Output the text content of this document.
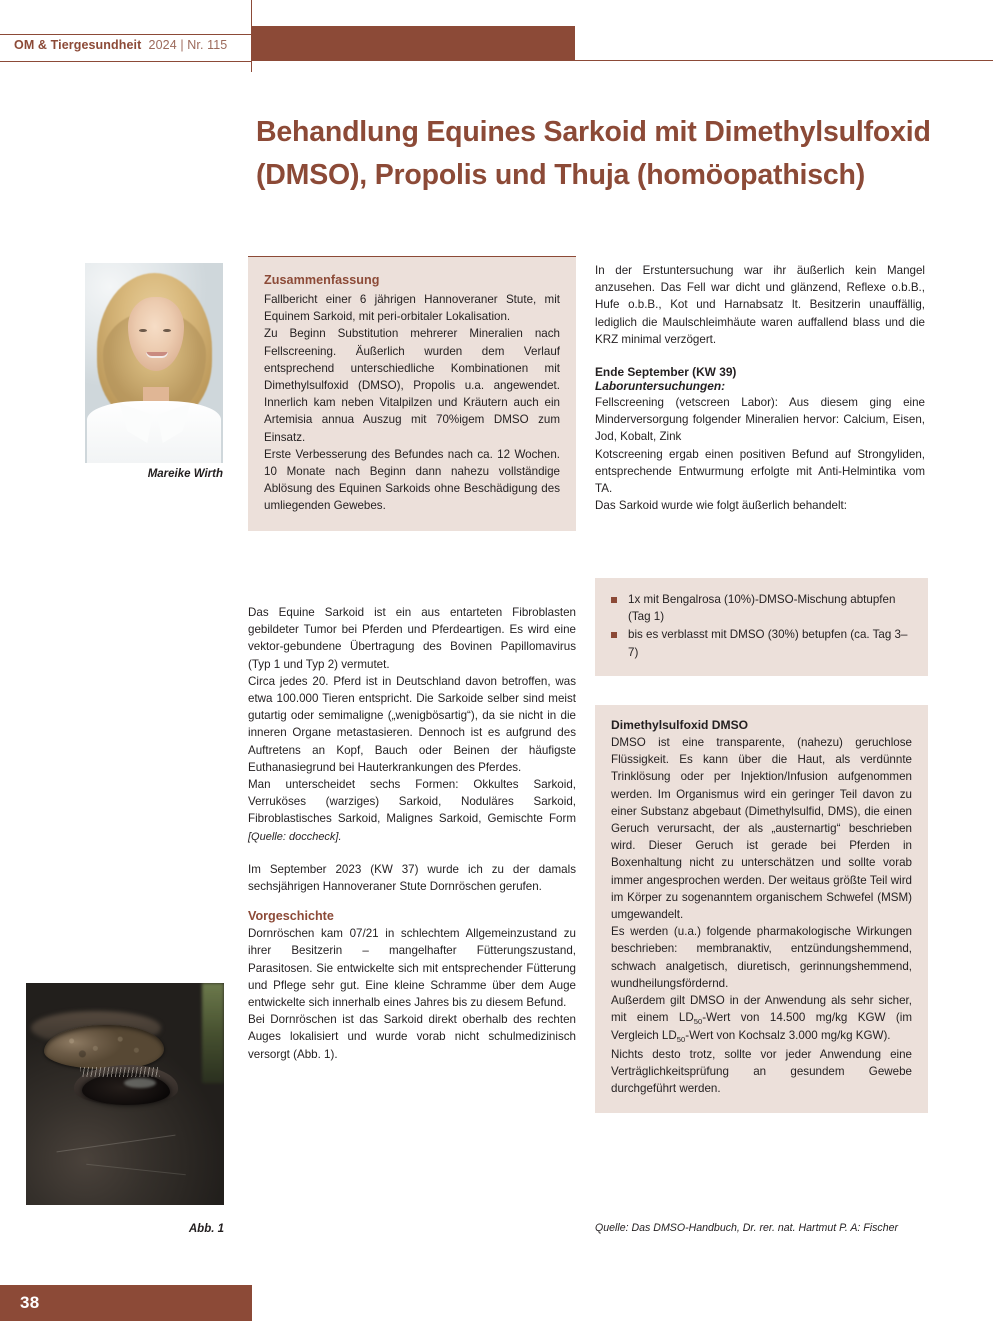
OM & Tiergesundheit 2024 | Nr. 115
Behandlung Equines Sarkoid mit Dimethylsulfoxid (DMSO), Propolis und Thuja (homöopathisch)
Mareike Wirth
Zusammenfassung

Fallbericht einer 6 jährigen Hannoveraner Stute, mit Equinem Sarkoid, mit peri-orbitaler Lokalisation.

Zu Beginn Substitution mehrerer Mineralien nach Fellscreening. Äußerlich wurden dem Verlauf entsprechend unterschiedliche Kombinationen mit Dimethylsulfoxid (DMSO), Propolis u.a. angewendet. Innerlich kam neben Vitalpilzen und Kräutern auch ein Artemisia annua Auszug mit 70%igem DMSO zum Einsatz.

Erste Verbesserung des Befundes nach ca. 12 Wochen. 10 Monate nach Beginn dann nahezu vollständige Ablösung des Equinen Sarkoids ohne Beschädigung des umliegenden Gewebes.

Das Equine Sarkoid ist ein aus entarteten Fibroblasten gebildeter Tumor bei Pferden und Pferdeartigen. Es wird eine vektor-gebundene Übertragung des Bovinen Papillomavirus (Typ 1 und Typ 2) vermutet.

Circa jedes 20. Pferd ist in Deutschland davon betroffen, was etwa 100.000 Tieren entspricht. Die Sarkoide selber sind meist gutartig oder semimaligne („wenigbösartig“), da sie nicht in die inneren Organe metastasieren. Dennoch ist es aufgrund des Auftretens an Kopf, Bauch oder Beinen der häufigste Euthanasiegrund bei Hauterkrankungen des Pferdes.

Man unterscheidet sechs Formen: Okkultes Sarkoid, Verruköses (warziges) Sarkoid, Noduläres Sarkoid, Fibroblastisches Sarkoid, Malignes Sarkoid, Gemischte Form [Quelle: doccheck].

Im September 2023 (KW 37) wurde ich zu der damals sechsjährigen Hannoveraner Stute Dornröschen gerufen.

Vorgeschichte

Dornröschen kam 07/21 in schlechtem Allgemeinzustand zu ihrer Besitzerin – mangelhafter Fütterungszustand, Parasitosen. Sie entwickelte sich mit entsprechender Fütterung und Pflege sehr gut. Eine kleine Schramme über dem Auge entwickelte sich innerhalb eines Jahres bis zu diesem Befund.

Bei Dornröschen ist das Sarkoid direkt oberhalb des rechten Auges lokalisiert und wurde vorab nicht schulmedizinisch versorgt (Abb. 1).

Abb. 1

In der Erstuntersuchung war ihr äußerlich kein Mangel anzusehen. Das Fell war dicht und glänzend, Reflexe o.b.B., Hufe o.b.B., Kot und Harnabsatz lt. Besitzerin unauffällig, lediglich die Maulschleimhäute waren auffallend blass und die KRZ minimal verzögert.

Ende September (KW 39)
Laboruntersuchungen:

Fellscreening (vetscreen Labor): Aus diesem ging eine Minderversorgung folgender Mineralien hervor: Calcium, Eisen, Jod, Kobalt, Zink

Kotscreening ergab einen positiven Befund auf Strongyliden, entsprechende Entwurmung erfolgte mit Anti-Helmintika vom TA.

Das Sarkoid wurde wie folgt äußerlich behandelt:

1x mit Bengalrosa (10%)-DMSO-Mischung abtupfen (Tag 1)
bis es verblasst mit DMSO (30%) betupfen (ca. Tag 3–7)
Dimethylsulfoxid DMSO

DMSO ist eine transparente, (nahezu) geruchlose Flüssigkeit. Es kann über die Haut, als verdünnte Trinklösung oder per Injektion/Infusion aufgenommen werden. Im Organismus wird ein geringer Teil davon zu einer Substanz abgebaut (Dimethylsulfid, DMS), die einen Geruch verursacht, der als „austernartig“ beschrieben wird. Dieser Geruch ist gerade bei Pferden in Boxenhaltung nicht zu unterschätzen und sollte vorab immer angesprochen werden. Der weitaus größte Teil wird im Körper zu sogenanntem organischem Schwefel (MSM) umgewandelt.

Es werden (u.a.) folgende pharmakologische Wirkungen beschrieben: membranaktiv, entzündungshemmend, schwach analgetisch, diuretisch, gerinnungshemmend, wundheilungsfördernd.

Außerdem gilt DMSO in der Anwendung als sehr sicher, mit einem $LD_{50}$-Wert von 14.500 mg/kg KGW (im Vergleich $LD_{50}$-Wert von Kochsalz 3.000 mg/kg KGW).

Nichts desto trotz, sollte vor jeder Anwendung eine Verträglichkeitsprüfung an gesundem Gewebe durchgeführt werden.

Quelle: Das DMSO-Handbuch, Dr. rer. nat. Hartmut P. A: Fischer
38
